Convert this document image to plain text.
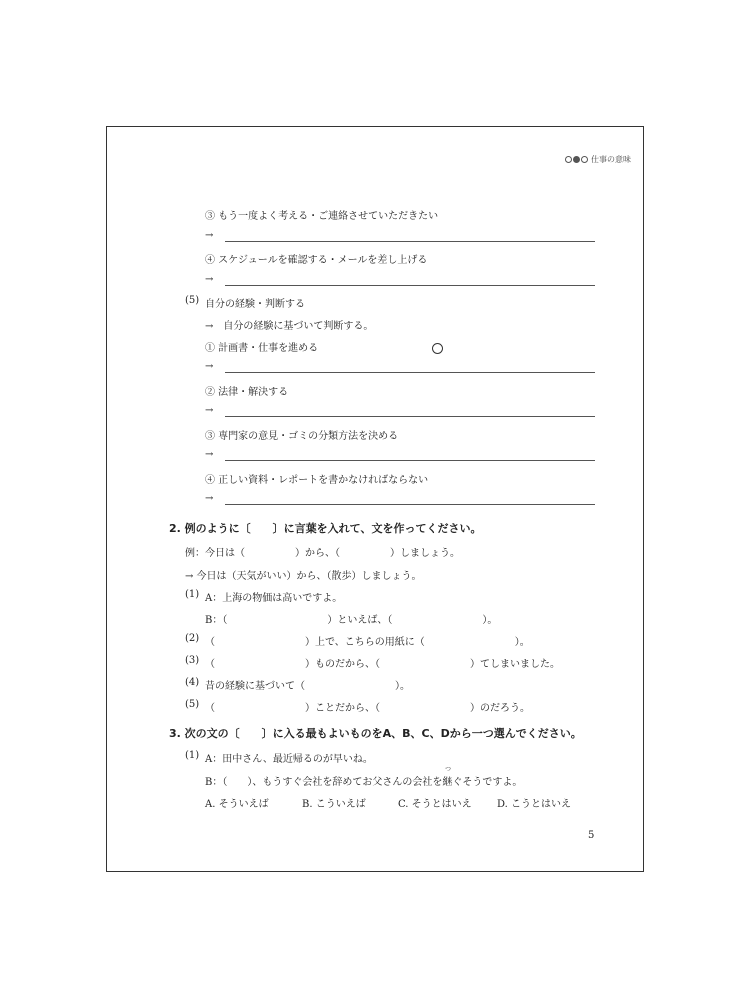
仕事の意味
③ もう一度よく考える・ご連絡させていただきたい
→
④ スケジュールを確認する・メールを差し上げる
→
(5) 自分の経験・判断する
→　自分の経験に基づいて判断する。
① 計画書・仕事を進める
→
② 法律・解決する
→
③ 専門家の意見・ゴミの分類方法を決める
→
④ 正しい資料・レポートを書かなければならない
→
2. 例のように〔　　〕に言葉を入れて、文を作ってください。
例：今日は（　　　　　）から、（　　　　　）しましょう。
→ 今日は（天気がいい）から、（散歩）しましょう。
(1) A：上海の物価は高いですよ。
B：（　　　　　　　　　　）といえば、（　　　　　　　　　）。
(2) （　　　　　　　　　）上で、こちらの用紙に（　　　　　　　　　）。
(3) （　　　　　　　　　）ものだから、（　　　　　　　　　）てしまいました。
(4) 昔の経験に基づいて（　　　　　　　　　）。
(5) （　　　　　　　　　）ことだから、（　　　　　　　　　）のだろう。
3. 次の文の〔　　〕に入る最もよいものをA、B、C、Dから一つ選んでください。
(1) A：田中さん、最近帰るのが早いね。
つ
B：（　　）、もうすぐ会社を辞めてお父さんの会社を継ぐそうですよ。
A. そういえば	B. こういえば	C. そうとはいえ	D. こうとはいえ
5
